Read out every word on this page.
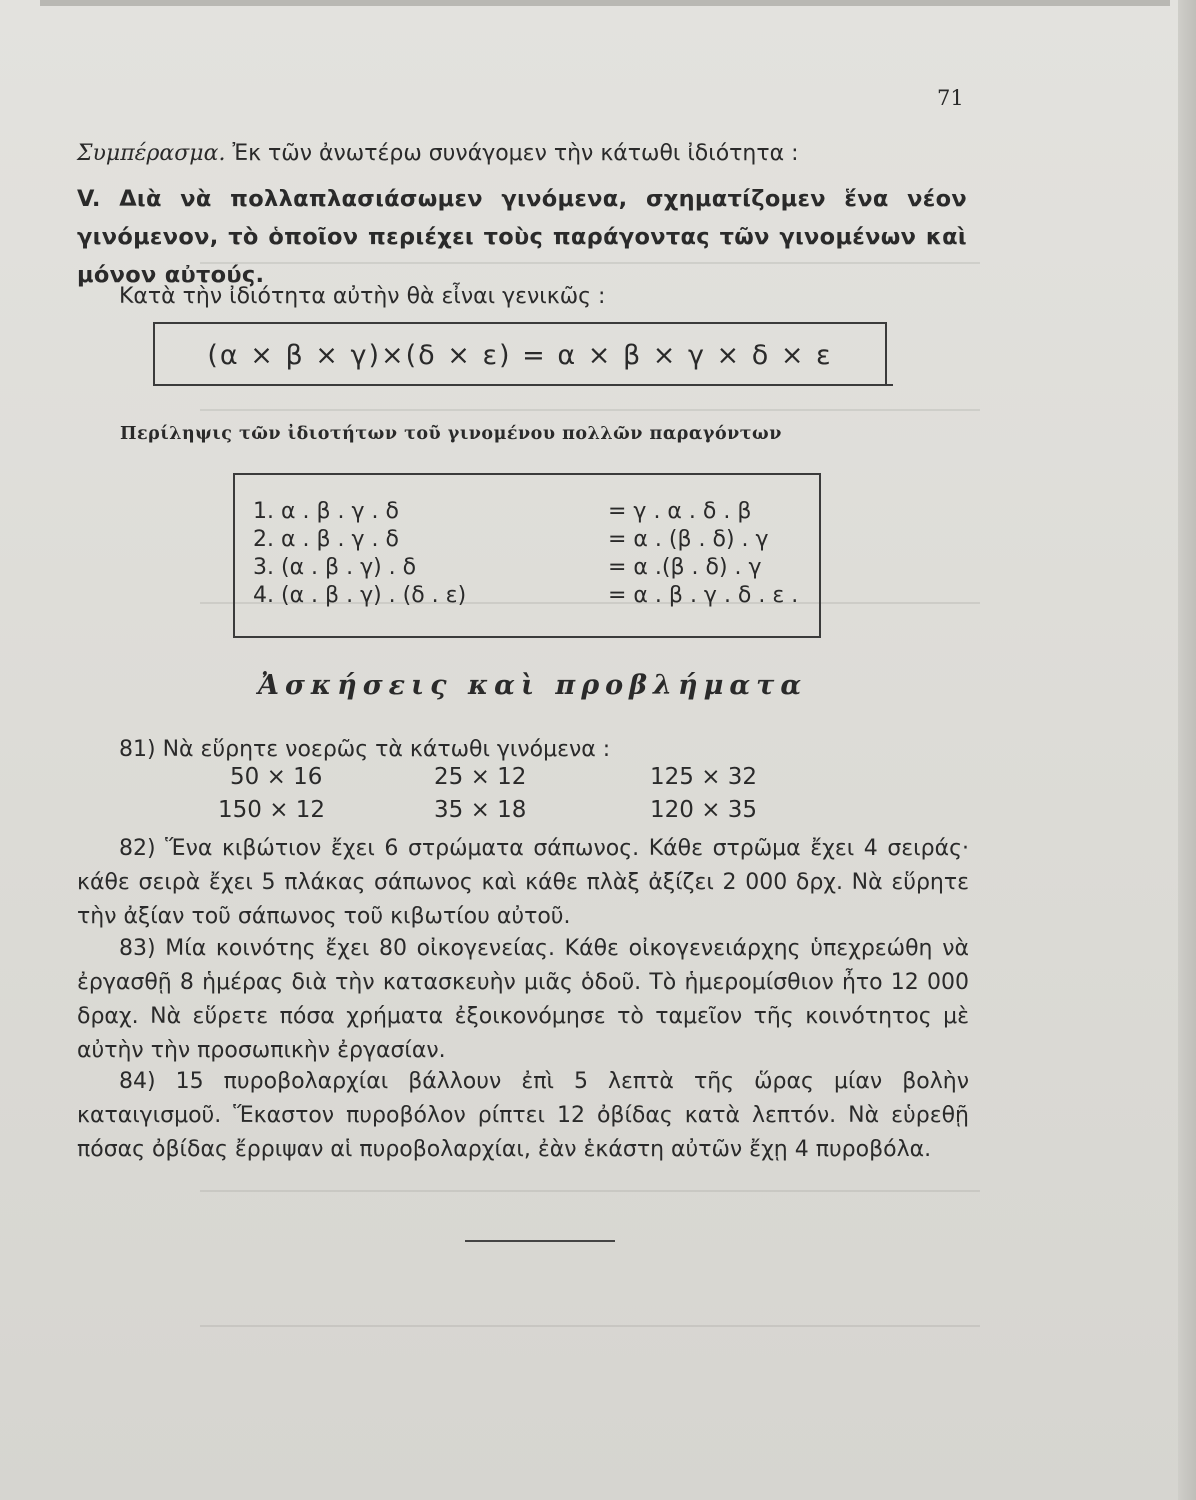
71
Συμπέρασμα. Ἐκ τῶν ἀνωτέρω συνάγομεν τὴν κάτωθι ἰδιότητα :
V. Διὰ νὰ πολλαπλασιάσωμεν γινόμενα, σχηματίζομεν ἕνα νέον γινόμενον, τὸ ὁποῖον περιέχει τοὺς παράγοντας τῶν γινομένων καὶ μόνον αὐτούς.
Κατὰ τὴν ἰδιότητα αὐτὴν θὰ εἶναι γενικῶς :
(α × β × γ)×(δ × ε) = α × β × γ × δ × ε
Περίληψις τῶν ἰδιοτήτων τοῦ γινομένου πολλῶν παραγόντων
1. α . β . γ . δ	= γ . α . δ . β
2. α . β . γ . δ	= α . (β . δ) . γ
3. (α . β . γ) . δ	= α .(β . δ) . γ
4. (α . β . γ) . (δ . ε)	= α . β . γ . δ . ε .
Ἀσκήσεις καὶ προβλήματα
81) Νὰ εὕρητε νοερῶς τὰ κάτωθι γινόμενα :
50 × 16	25 × 12	125 × 32
150 × 12	35 × 18	120 × 35
82) Ἕνα κιβώτιον ἔχει 6 στρώματα σάπωνος. Κάθε στρῶμα ἔχει 4 σειράς· κάθε σειρὰ ἔχει 5 πλάκας σάπωνος καὶ κάθε πλὰξ ἀξίζει 2 000 δρχ. Νὰ εὕρητε τὴν ἀξίαν τοῦ σάπωνος τοῦ κιβωτίου αὐτοῦ.
83) Μία κοινότης ἔχει 80 οἰκογενείας. Κάθε οἰκογενειάρχης ὑπεχρεώθη νὰ ἐργασθῇ 8 ἡμέρας διὰ τὴν κατασκευὴν μιᾶς ὁδοῦ. Τὸ ἡμερομίσθιον ἦτο 12 000 δραχ. Νὰ εὕρετε πόσα χρήματα ἐξοικονόμησε τὸ ταμεῖον τῆς κοινότητος μὲ αὐτὴν τὴν προσωπικὴν ἐργασίαν.
84) 15 πυροβολαρχίαι βάλλουν ἐπὶ 5 λεπτὰ τῆς ὥρας μίαν βολὴν καταιγισμοῦ. Ἕκαστον πυροβόλον ρίπτει 12 ὀβίδας κατὰ λεπτόν. Νὰ εὑρεθῇ πόσας ὀβίδας ἔρριψαν αἱ πυροβολαρχίαι, ἐὰν ἑκάστη αὐτῶν ἔχῃ 4 πυροβόλα.
